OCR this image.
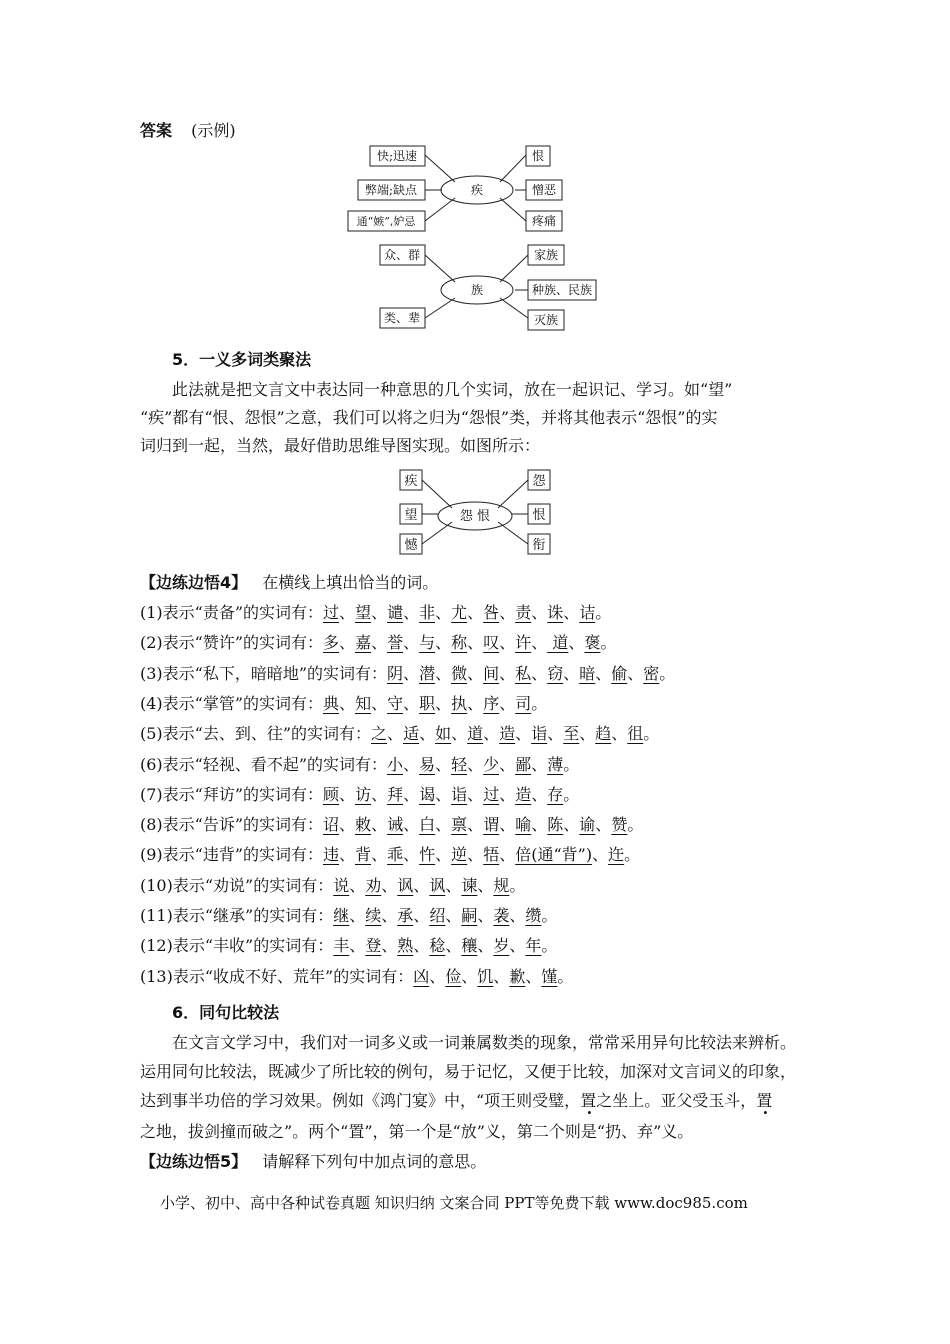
答案 (示例)
疾
快;迅速
弊端;缺点
通“嫉”,妒忌
恨
憎恶
疼痛
族
众、群
类、辈
家族
种族、民族
灭族
5．一义多词类聚法
此法就是把文言文中表达同一种意思的几个实词，放在一起识记、学习。如“望”
“疾”都有“恨、怨恨”之意，我们可以将之归为“怨恨”类，并将其他表示“怨恨”的实
词归到一起，当然，最好借助思维导图实现。如图所示：
怨 恨
疾
望
憾
怨
恨
衔
【边练边悟4】 在横线上填出恰当的词。
(1)表示“责备”的实词有：过、望、谴、非、尤、咎、责、诛、诘。
(2)表示“赞许”的实词有：多、嘉、誉、与、称、叹、许、 道、褒。
(3)表示“私下，暗暗地”的实词有：阴、潜、微、间、私、窃、暗、偷、密。
(4)表示“掌管”的实词有：典、知、守、职、执、序、司。
(5)表示“去、到、往”的实词有：之、适、如、道、造、诣、至、趋、徂。
(6)表示“轻视、看不起”的实词有：小、易、轻、少、鄙、薄。
(7)表示“拜访”的实词有：顾、访、拜、谒、诣、过、造、存。
(8)表示“告诉”的实词有：诏、敕、诫、白、禀、谓、喻、陈、谕、赞。
(9)表示“违背”的实词有：违、背、乖、忤、逆、牾、倍(通“背”)、迕。
(10)表示“劝说”的实词有：说、劝、讽、讽、谏、规。
(11)表示“继承”的实词有：继、续、承、绍、嗣、袭、缵。
(12)表示“丰收”的实词有：丰、登、熟、稔、穰、岁、年。
(13)表示“收成不好、荒年”的实词有：凶、俭、饥、歉、馑。
6．同句比较法
在文言文学习中，我们对一词多义或一词兼属数类的现象，常常采用异句比较法来辨析。
运用同句比较法，既减少了所比较的例句，易于记忆，又便于比较，加深对文言词义的印象，
达到事半功倍的学习效果。例如《鸿门宴》中，“项王则受璧，置之坐上。亚父受玉斗，置
之地，拔剑撞而破之”。两个“置”，第一个是“放”义，第二个则是“扔、弃”义。
【边练边悟5】 请解释下列句中加点词的意思。
小学、初中、高中各种试卷真题 知识归纳 文案合同 PPT等免费下载 www.doc985.com
